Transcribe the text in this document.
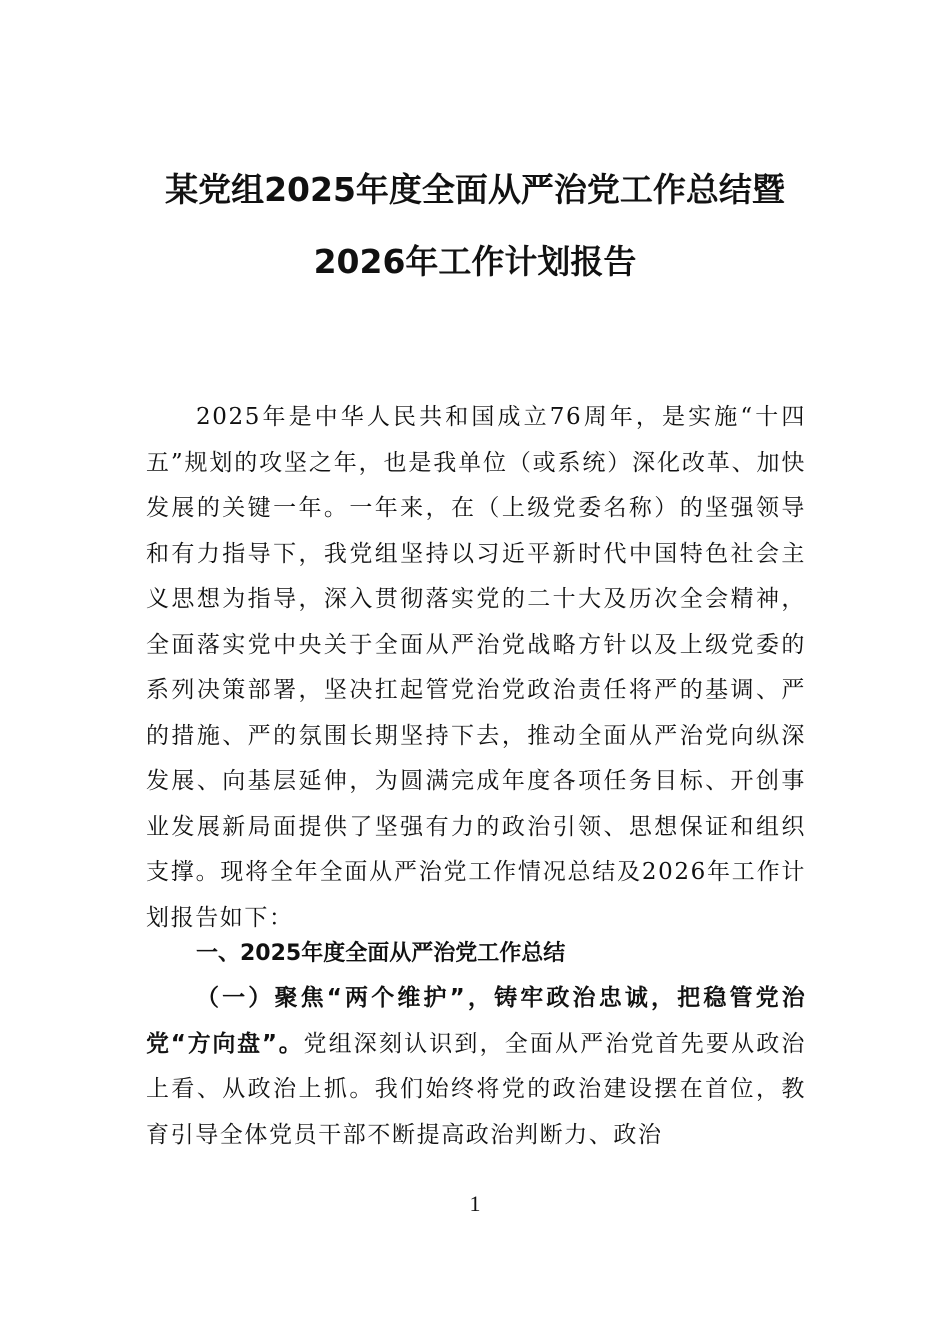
某党组2025年度全面从严治党工作总结暨
2026年工作计划报告

2025年是中华人民共和国成立76周年，是实施“十四五”规划的攻坚之年，也是我单位（或系统）深化改革、加快发展的关键一年。一年来，在（上级党委名称）的坚强领导和有力指导下，我党组坚持以习近平新时代中国特色社会主义思想为指导，深入贯彻落实党的二十大及历次全会精神，全面落实党中央关于全面从严治党战略方针以及上级党委的系列决策部署，坚决扛起管党治党政治责任将严的基调、严的措施、严的氛围长期坚持下去，推动全面从严治党向纵深发展、向基层延伸，为圆满完成年度各项任务目标、开创事业发展新局面提供了坚强有力的政治引领、思想保证和组织支撑。现将全年全面从严治党工作情况总结及2026年工作计划报告如下：

一、2025年度全面从严治党工作总结

（一）聚焦“两个维护”，铸牢政治忠诚，把稳管党治党“方向盘”。党组深刻认识到，全面从严治党首先要从政治上看、从政治上抓。我们始终将党的政治建设摆在首位，教育引导全体党员干部不断提高政治判断力、政治

1
